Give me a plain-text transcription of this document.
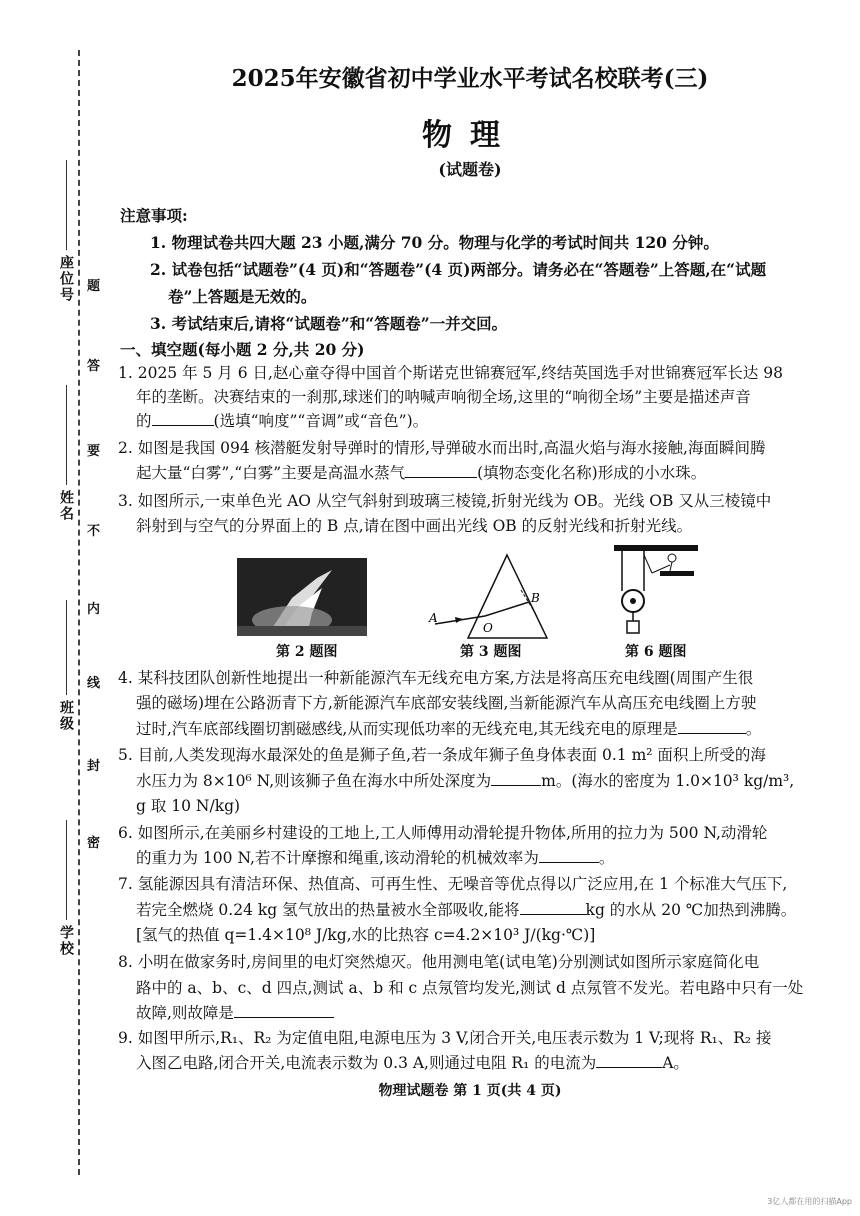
座位号
姓名
班级
学校
题
答
要
不
内
线
封
密
2025年安徽省初中学业水平考试名校联考(三)
物理
(试题卷)
注意事项:
1. 物理试卷共四大题 23 小题,满分 70 分。物理与化学的考试时间共 120 分钟。
2. 试卷包括“试题卷”(4 页)和“答题卷”(4 页)两部分。请务必在“答题卷”上答题,在“试题
卷”上答题是无效的。
3. 考试结束后,请将“试题卷”和“答题卷”一并交回。
一、填空题(每小题 2 分,共 20 分)
1. 2025 年 5 月 6 日,赵心童夺得中国首个斯诺克世锦赛冠军,终结英国选手对世锦赛冠军长达 98
年的垄断。决赛结束的一刹那,球迷们的呐喊声响彻全场,这里的“响彻全场”主要是描述声音
的	(选填“响度”“音调”或“音色”)。
2. 如图是我国 094 核潜艇发射导弹时的情形,导弹破水而出时,高温火焰与海水接触,海面瞬间腾
起大量“白雾”,“白雾”主要是高温水蒸气	(填物态变化名称)形成的小水珠。
3. 如图所示,一束单色光 AO 从空气斜射到玻璃三棱镜,折射光线为 OB。光线 OB 又从三棱镜中
斜射到与空气的分界面上的 B 点,请在图中画出光线 OB 的反射光线和折射光线。
第 2 题图
A
O
B
第 3 题图	第 6 题图
4. 某科技团队创新性地提出一种新能源汽车无线充电方案,方法是将高压充电线圈(周围产生很
强的磁场)埋在公路沥青下方,新能源汽车底部安装线圈,当新能源汽车从高压充电线圈上方驶
过时,汽车底部线圈切割磁感线,从而实现低功率的无线充电,其无线充电的原理是	。
5. 目前,人类发现海水最深处的鱼是狮子鱼,若一条成年狮子鱼身体表面 0.1 m² 面积上所受的海
水压力为 8×10⁶ N,则该狮子鱼在海水中所处深度为	m。(海水的密度为 1.0×10³ kg/m³,
g 取 10 N/kg)
6. 如图所示,在美丽乡村建设的工地上,工人师傅用动滑轮提升物体,所用的拉力为 500 N,动滑轮
的重力为 100 N,若不计摩擦和绳重,该动滑轮的机械效率为	。
7. 氢能源因具有清洁环保、热值高、可再生性、无噪音等优点得以广泛应用,在 1 个标准大气压下,
若完全燃烧 0.24 kg 氢气放出的热量被水全部吸收,能将	kg 的水从 20 ℃加热到沸腾。
[氢气的热值 q=1.4×10⁸ J/kg,水的比热容 c=4.2×10³ J/(kg·℃)]
8. 小明在做家务时,房间里的电灯突然熄灭。他用测电笔(试电笔)分别测试如图所示家庭简化电
路中的 a、b、c、d 四点,测试 a、b 和 c 点氖管均发光,测试 d 点氖管不发光。若电路中只有一处
故障,则故障是
9. 如图甲所示,R₁、R₂ 为定值电阻,电源电压为 3 V,闭合开关,电压表示数为 1 V;现将 R₁、R₂ 接
入图乙电路,闭合开关,电流表示数为 0.3 A,则通过电阻 R₁ 的电流为	A。
物理试题卷 第 1 页(共 4 页)
3亿人都在用的扫描App
